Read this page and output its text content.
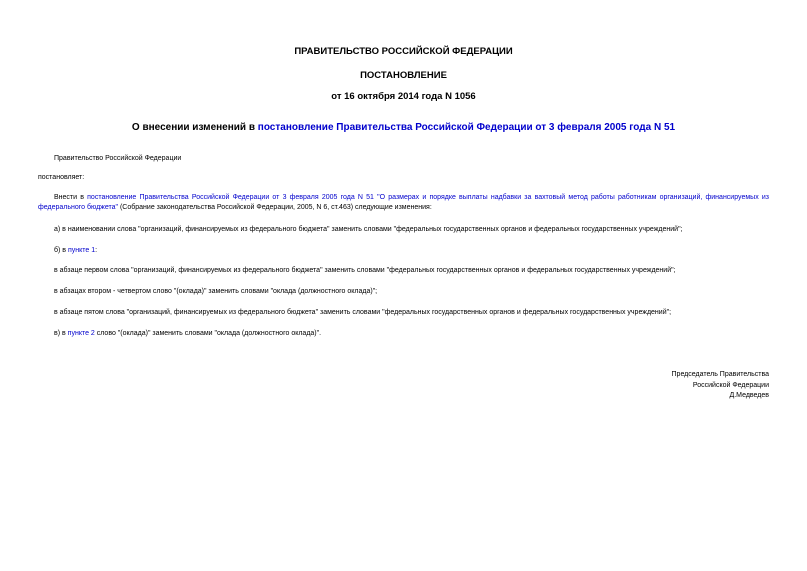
ПРАВИТЕЛЬСТВО РОССИЙСКОЙ ФЕДЕРАЦИИ
ПОСТАНОВЛЕНИЕ
от 16 октября 2014 года N 1056
О внесении изменений в постановление Правительства Российской Федерации от 3 февраля 2005 года N 51
Правительство Российской Федерации
постановляет:
Внести в постановление Правительства Российской Федерации от 3 февраля 2005 года N 51 "О размерах и порядке выплаты надбавки за вахтовый метод работы работникам организаций, финансируемых из федерального бюджета" (Собрание законодательства Российской Федерации, 2005, N 6, ст.463) следующие изменения:
а) в наименовании слова "организаций, финансируемых из федерального бюджета" заменить словами "федеральных государственных органов и федеральных государственных учреждений";
б) в пункте 1:
в абзаце первом слова "организаций, финансируемых из федерального бюджета" заменить словами "федеральных государственных органов и федеральных государственных учреждений";
в абзацах втором - четвертом слово "(оклада)" заменить словами "оклада (должностного оклада)";
в абзаце пятом слова "организаций, финансируемых из федерального бюджета" заменить словами "федеральных государственных органов и федеральных государственных учреждений";
в) в пункте 2 слово "(оклада)" заменить словами "оклада (должностного оклада)".
Председатель Правительства
Российской Федерации
Д.Медведев
